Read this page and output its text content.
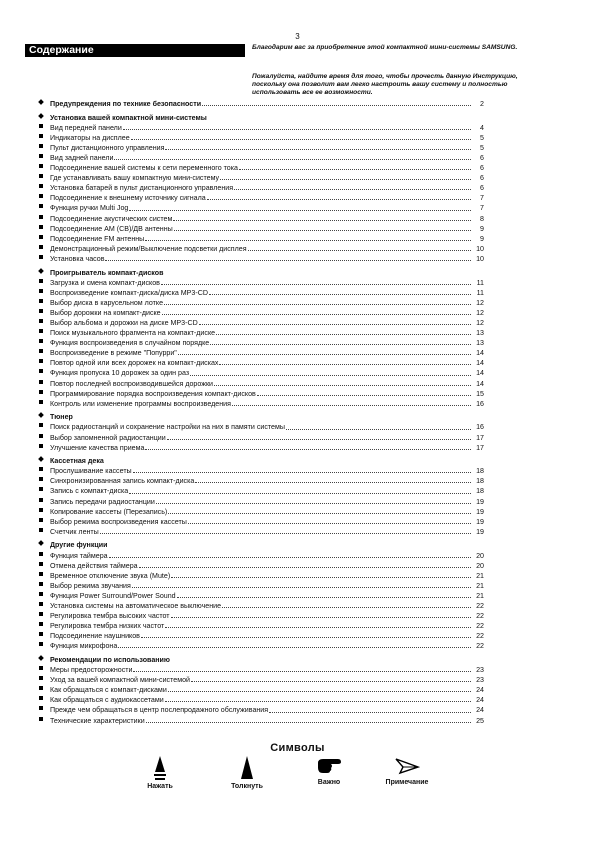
3
Содержание	Благодарим вас за приобретение этой компактной мини-системы SAMSUNG.
Пожалуйста, найдите время для того, чтобы прочесть данную Инструкцию, поскольку она позволит вам легко настроить вашу систему и полностью использовать все ее возможности.
Предупреждения по технике безопасности	2
Установка вашей компактной мини-системы
Вид передней панели	4
Индикаторы на дисплее	5
Пульт дистанционного управления	5
Вид задней панели	6
Подсоединение вашей системы к сети переменного тока	6
Где устанавливать вашу компактную мини-систему	6
Установка батарей в пульт дистанционного управления	6
Подсоединение к внешнему источнику сигнала	7
Функция ручки Multi Jog	7
Подсоединение акустических систем	8
Подсоединение АМ (СВ)/ДВ антенны	9
Подсоединение FM антенны	9
Демонстрационный режим/Выключение подсветки дисплея	10
Установка часов	10
Проигрыватель компакт-дисков
Загрузка и смена компакт-дисков	11
Воспроизведение компакт-диска/диска MP3-CD	11
Выбор диска в карусельном лотке	12
Выбор дорожки на компакт-диске	12
Выбор альбома и дорожки на диске MP3-CD	12
Поиск музыкального фрагмента на компакт-диске	13
Функция воспроизведения в случайном порядке	13
Воспроизведение в режиме "Попурри"	14
Повтор одной или всех дорожек на компакт-дисках	14
Функция пропуска 10 дорожек за один раз	14
Повтор последней воспроизводившейся дорожки	14
Программирование порядка воспроизведения компакт-дисков	15
Контроль или изменение программы воспроизведения	16
Тюнер
Поиск радиостанций и сохранение настройки на них в памяти системы	16
Выбор запомненной радиостанции	17
Улучшение качества приема	17
Кассетная дека
Прослушивание кассеты	18
Синхронизированная запись компакт-диска	18
Запись с компакт-диска	18
Запись передачи радиостанции	19
Копирование кассеты (Перезапись)	19
Выбор режима воспроизведения кассеты	19
Счетчик ленты	19
Другие функции
Функция таймера	20
Отмена действия таймера	20
Временное отключение звука (Mute)	21
Выбор режима звучания	21
Функция Power Surround/Power Sound	21
Установка системы на автоматическое выключение	22
Регулировка тембра высоких частот	22
Регулировка тембра низких частот	22
Подсоединение наушников	22
Функция микрофона	22
Рекомендации по использованию
Меры предосторожности	23
Уход за вашей компактной мини-системой	23
Как обращаться с компакт-дисками	24
Как обращаться с аудиокассетами	24
Прежде чем обращаться в центр послепродажного обслуживания	24
Технические характеристики	25
Символы
Нажать	Толкнуть
Важно	Примечание
